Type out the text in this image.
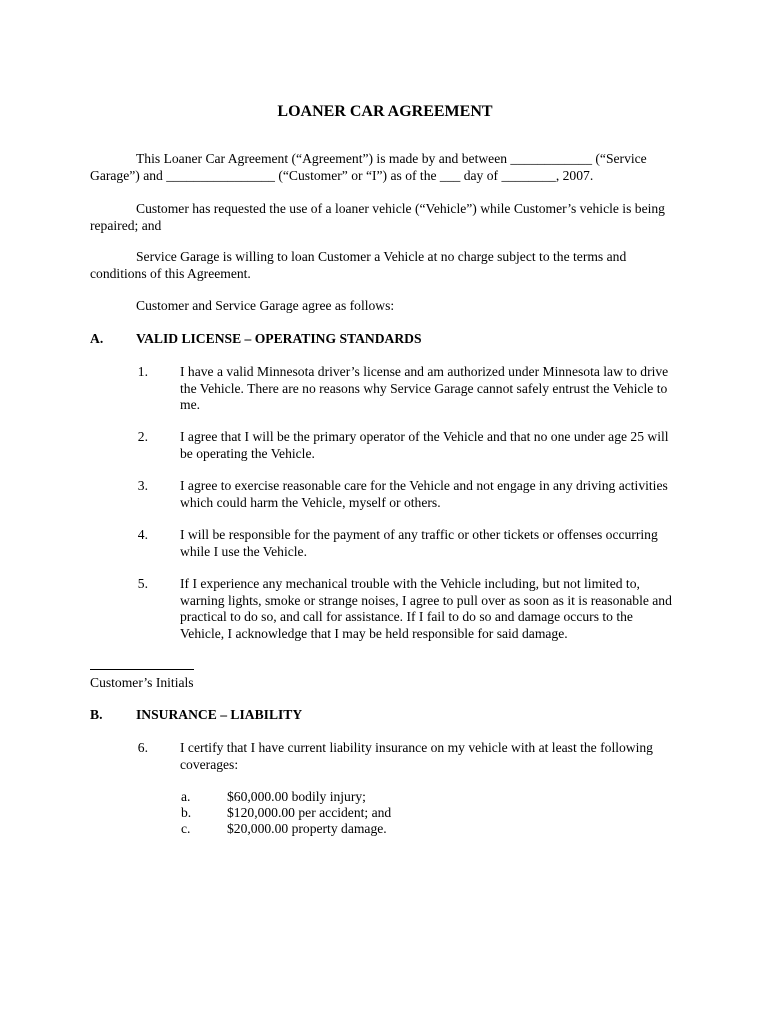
LOANER CAR AGREEMENT

This Loaner Car Agreement (“Agreement”) is made by and between ____________ (“Service Garage”) and ________________ (“Customer” or “I”) as of the ___ day of ________, 2007.

Customer has requested the use of a loaner vehicle (“Vehicle”) while Customer’s vehicle is being repaired; and

Service Garage is willing to loan Customer a Vehicle at no charge subject to the terms and conditions of this Agreement.

Customer and Service Garage agree as follows:

A. VALID LICENSE – OPERATING STANDARDS
1. I have a valid Minnesota driver’s license and am authorized under Minnesota law to drive the Vehicle. There are no reasons why Service Garage cannot safely entrust the Vehicle to me.
2. I agree that I will be the primary operator of the Vehicle and that no one under age 25 will be operating the Vehicle.
3. I agree to exercise reasonable care for the Vehicle and not engage in any driving activities which could harm the Vehicle, myself or others.
4. I will be responsible for the payment of any traffic or other tickets or offenses occurring while I use the Vehicle.
5. If I experience any mechanical trouble with the Vehicle including, but not limited to, warning lights, smoke or strange noises, I agree to pull over as soon as it is reasonable and practical to do so, and call for assistance. If I fail to do so and damage occurs to the Vehicle, I acknowledge that I may be held responsible for said damage.
Customer’s Initials
B. INSURANCE – LIABILITY
6. I certify that I have current liability insurance on my vehicle with at least the following coverages:
a.	$60,000.00 bodily injury;
b.	$120,000.00 per accident; and
c.	$20,000.00 property damage.
